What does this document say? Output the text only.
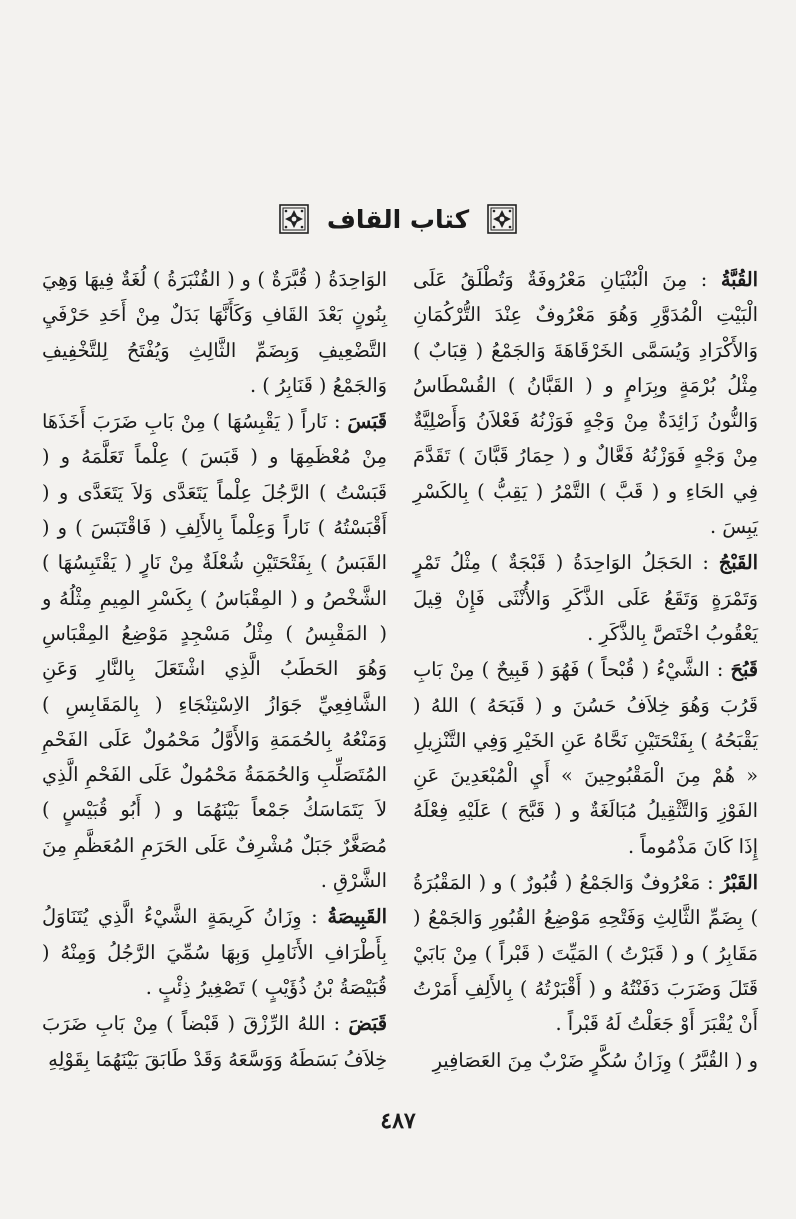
كتاب القاف

القُبَّةُ : مِنَ الْبُنْيَانِ مَعْرُوفَةٌ وَتُطْلَقُ عَلَى الْبَيْتِ الْمُدَوَّرِ وَهُوَ مَعْرُوفٌ عِنْدَ التُّرْكُمَانِ وَالأَكْرَادِ وَيُسَمَّى الخَرْقَاهَةَ وَالجَمْعُ ( قِبَابٌ ) مِثْلُ بُرْمَةٍ وبِرَامٍ و ( القَبَّانُ ) القُسْطَاسُ وَالنُّونُ زَائِدَةٌ مِنْ وَجْهٍ فَوَزْنُهُ فَعْلاَنُ وَأَصْلِيَّةٌ مِنْ وَجْهٍ فَوَزْنُهُ فَعَّالٌ و ( حِمَارُ قَبَّانَ ) تَقَدَّمَ فِي الحَاءِ و ( قَبَّ ) التَّمْرُ ( يَقِبُّ ) بِالكَسْرِ يَبِسَ .

القَبْجُ : الحَجَلُ الوَاحِدَةُ ( قَبْجَةٌ ) مِثْلُ تَمْرٍ وَتَمْرَةٍ وَتَقَعُ عَلَى الذَّكَرِ وَالأُنْثَى فَإِنْ قِيلَ يَعْقُوبُ اخْتَصَّ بِالذَّكَرِ .

قَبُحَ : الشَّيْءُ ( قُبْحاً ) فَهُوَ ( قَبِيحٌ ) مِنْ بَابِ قَرُبَ وَهُوَ خِلاَفُ حَسُنَ و ( قَبَحَهُ ) اللهُ ( يَقْبَحُهُ ) بِفَتْحَتَيْنِ نَحَّاهُ عَنِ الخَيْرِ وَفِي التَّنْزِيلِ « هُمْ مِنَ الْمَقْبُوحِينَ » أَيِ الْمُبْعَدِينَ عَنِ الفَوْزِ وَالتَّثْقِيلُ مُبَالَغَةٌ و ( قَبَّحَ ) عَلَيْهِ فِعْلَهُ إِذَا كَانَ مَذْمُوماً .

القَبْرُ : مَعْرُوفٌ وَالجَمْعُ ( قُبُورٌ ) و ( المَقْبُرَةُ ) بِضَمِّ الثَّالِثِ وَفَتْحِهِ مَوْضِعُ القُبُورِ وَالجَمْعُ ( مَقَابِرُ ) و ( قَبَرْتُ ) المَيِّتَ ( قَبْراً ) مِنْ بَابَيْ قَتَلَ وَضَرَبَ دَفَنْتُهُ و ( أَقْبَرْتُهُ ) بِالأَلِفِ أَمَرْتُ أَنْ يُقْبَرَ أَوْ جَعَلْتُ لَهُ قَبْراً .

و ( القُبَّرُ ) وِزَانُ سُكَّرٍ ضَرْبٌ مِنَ العَصَافِيرِ

الوَاحِدَةُ ( قُبَّرَةٌ ) و ( القُنْبَرَةُ ) لُغَةٌ فِيهَا وَهِيَ بِنُونٍ بَعْدَ القَافِ وَكَأَنَّهَا بَدَلٌ مِنْ أَحَدِ حَرْفَيِ التَّضْعِيفِ وَبِضَمِّ الثَّالِثِ وَيُفْتَحُ لِلتَّخْفِيفِ وَالجَمْعُ ( قَنَابِرُ ) .

قَبَسَ : نَاراً ( يَقْبِسُهَا ) مِنْ بَابِ ضَرَبَ أَخَذَهَا مِنْ مُعْظَمِهَا و ( قَبَسَ ) عِلْماً تَعَلَّمَهُ و ( قَبَسْتُ ) الرَّجُلَ عِلْماً يَتَعَدَّى وَلاَ يَتَعَدَّى و ( أَقْبَسْتُهُ ) نَاراً وَعِلْماً بِالأَلِفِ ( فَاقْتَبَسَ ) و ( القَبَسُ ) بِفَتْحَتَيْنِ شُعْلَةٌ مِنْ نَارٍ ( يَقْتَبِسُهَا ) الشَّخْصُ و ( المِقْبَاسُ ) بِكَسْرِ المِيمِ مِثْلُهُ و ( المَقْبِسُ ) مِثْلُ مَسْجِدٍ مَوْضِعُ المِقْبَاسِ وَهُوَ الحَطَبُ الَّذِي اشْتَعَلَ بِالنَّارِ وَعَنِ الشَّافِعِيِّ جَوَازُ الاِسْتِنْجَاءِ ( بِالمَقَابِسِ ) وَمَنْعُهُ بِالحُمَمَةِ وَالأَوَّلُ مَحْمُولٌ عَلَى الفَحْمِ المُتَصَلِّبِ وَالحُمَمَةُ مَحْمُولٌ عَلَى الفَحْمِ الَّذِي لاَ يَتَمَاسَكُ جَمْعاً بَيْنَهُمَا و ( أَبُو قُبَيْسٍ ) مُصَغَّرٌ جَبَلٌ مُشْرِفٌ عَلَى الحَرَمِ المُعَظَّمِ مِنَ الشَّرْقِ .

القَبِيصَةُ : وِزَانُ كَرِيمَةٍ الشَّيْءُ الَّذِي يُتَنَاوَلُ بِأَطْرَافِ الأَنَامِلِ وَبِهَا سُمِّيَ الرَّجُلُ وَمِنْهُ ( قُبَيْصَةُ بْنُ ذُؤَيْبٍ ) تَصْغِيرُ ذِئْبٍ .

قَبَضَ : اللهُ الرِّزْقَ ( قَبْضاً ) مِنْ بَابِ ضَرَبَ خِلاَفُ بَسَطَهُ وَوَسَّعَهُ وَقَدْ طَابَقَ بَيْنَهُمَا بِقَوْلِهِ

٤٨٧
